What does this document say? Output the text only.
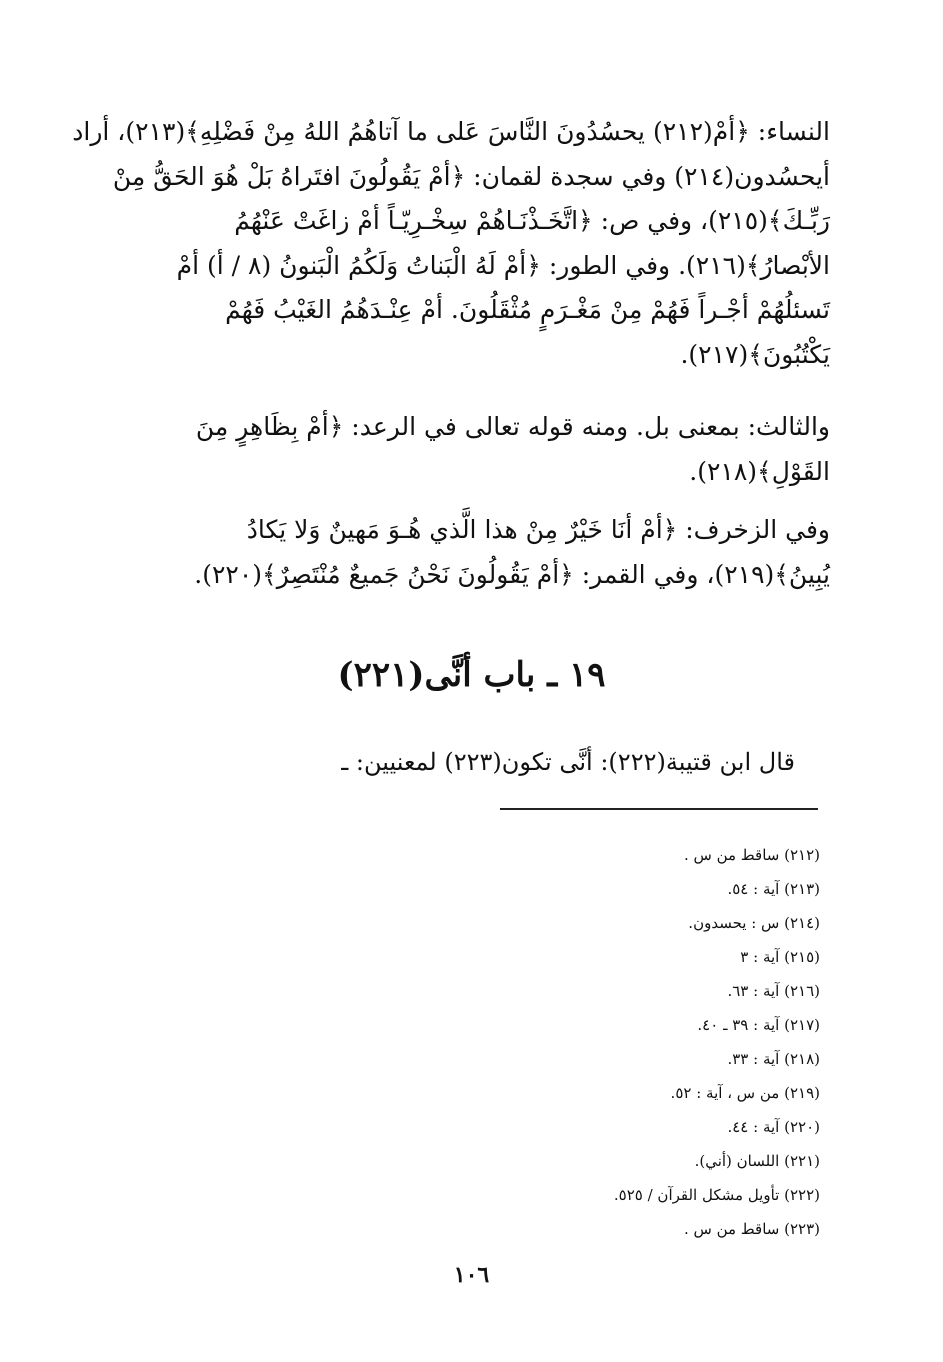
النساء: ﴿أمْ(٢١٢) يحسُدُونَ النَّاسَ عَلى ما آتاهُمُ اللهُ مِنْ فَضْلِهِ﴾(٢١٣)، أراد
أيحسُدون(٢١٤) وفي سجدة لقمان: ﴿أمْ يَقُولُونَ افتَراهُ بَلْ هُوَ الحَقُّ مِنْ
رَبِّـكَ﴾(٢١٥)، وفي ص: ﴿اتَّخَـذْنَـاهُمْ سِخْـرِيّـاً أمْ زاغَتْ عَنْهُمُ
الأبْصارُ﴾(٢١٦). وفي الطور: ﴿أمْ لَهُ الْبَناتُ وَلَكُمُ الْبَنونُ (٨ / أ) أمْ
تَسئلُهُمْ أجْـراً فَهُمْ مِنْ مَغْـرَمٍ مُثْقَلُونَ. أمْ عِنْـدَهُمُ الغَيْبُ فَهُمْ
يَكْتُبُونَ﴾(٢١٧).
والثالث: بمعنى بل. ومنه قوله تعالى في الرعد: ﴿أمْ بِظَاهِرٍ مِنَ
القَوْلِ﴾(٢١٨).
وفي الزخرف: ﴿أمْ أنَا خَيْرٌ مِنْ هذا الَّذي هُـوَ مَهينٌ وَلا يَكادُ
يُبِينُ﴾(٢١٩)، وفي القمر: ﴿أمْ يَقُولُونَ نَحْنُ جَميعٌ مُنْتَصِرٌ﴾(٢٢٠).
١٩ ـ باب أنَّى(٢٢١)
قال ابن قتيبة(٢٢٢): أنَّى تكون(٢٢٣) لمعنيين: ـ
(٢١٢) ساقط من س .
(٢١٣) آية : ٥٤.
(٢١٤) س : يحسدون.
(٢١٥) آية : ٣
(٢١٦) آية : ٦٣.
(٢١٧) آية : ٣٩ ـ ٤٠.
(٢١٨) آية : ٣٣.
(٢١٩) من س ، آية : ٥٢.
(٢٢٠) آية : ٤٤.
(٢٢١) اللسان (أني).
(٢٢٢) تأويل مشكل القرآن / ٥٢٥.
(٢٢٣) ساقط من س .
١٠٦
